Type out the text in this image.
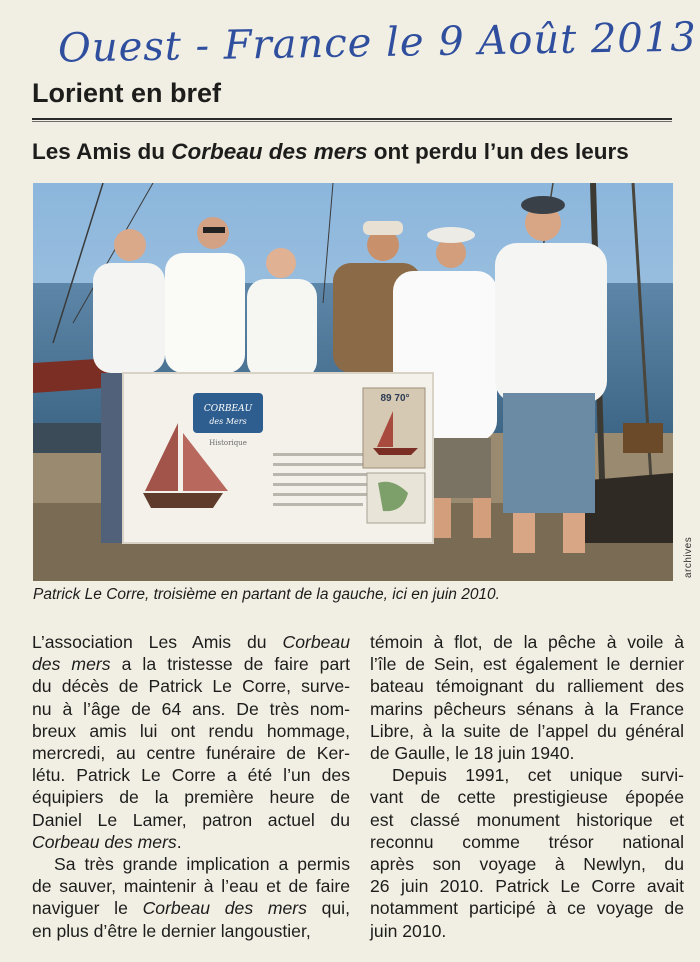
Ouest - France le 9 Août 2013
Lorient en bref
Les Amis du Corbeau des mers ont perdu l’un des leurs
CORBEAU
des Mers
Historique
89 70°
archives
Patrick Le Corre, troisième en partant de la gauche, ici en juin 2010.
L’association Les Amis du Corbeau
des mers a la tristesse de faire part
du décès de Patrick Le Corre, surve-
nu à l’âge de 64 ans. De très nom-
breux amis lui ont rendu hommage,
mercredi, au centre funéraire de Ker-
létu. Patrick Le Corre a été l’un des
équipiers de la première heure de
Daniel Le Lamer, patron actuel du
Corbeau des mers.
Sa très grande implication a permis
de sauver, maintenir à l’eau et de faire
naviguer le Corbeau des mers qui,
en plus d’être le dernier langoustier,
témoin à flot, de la pêche à voile à
l’île de Sein, est également le dernier
bateau témoignant du ralliement des
marins pêcheurs sénans à la France
Libre, à la suite de l’appel du général
de Gaulle, le 18 juin 1940.
Depuis 1991, cet unique survi-
vant de cette prestigieuse épopée
est classé monument historique et
reconnu comme trésor national
après son voyage à Newlyn, du
26 juin 2010. Patrick Le Corre avait
notamment participé à ce voyage de
juin 2010.
